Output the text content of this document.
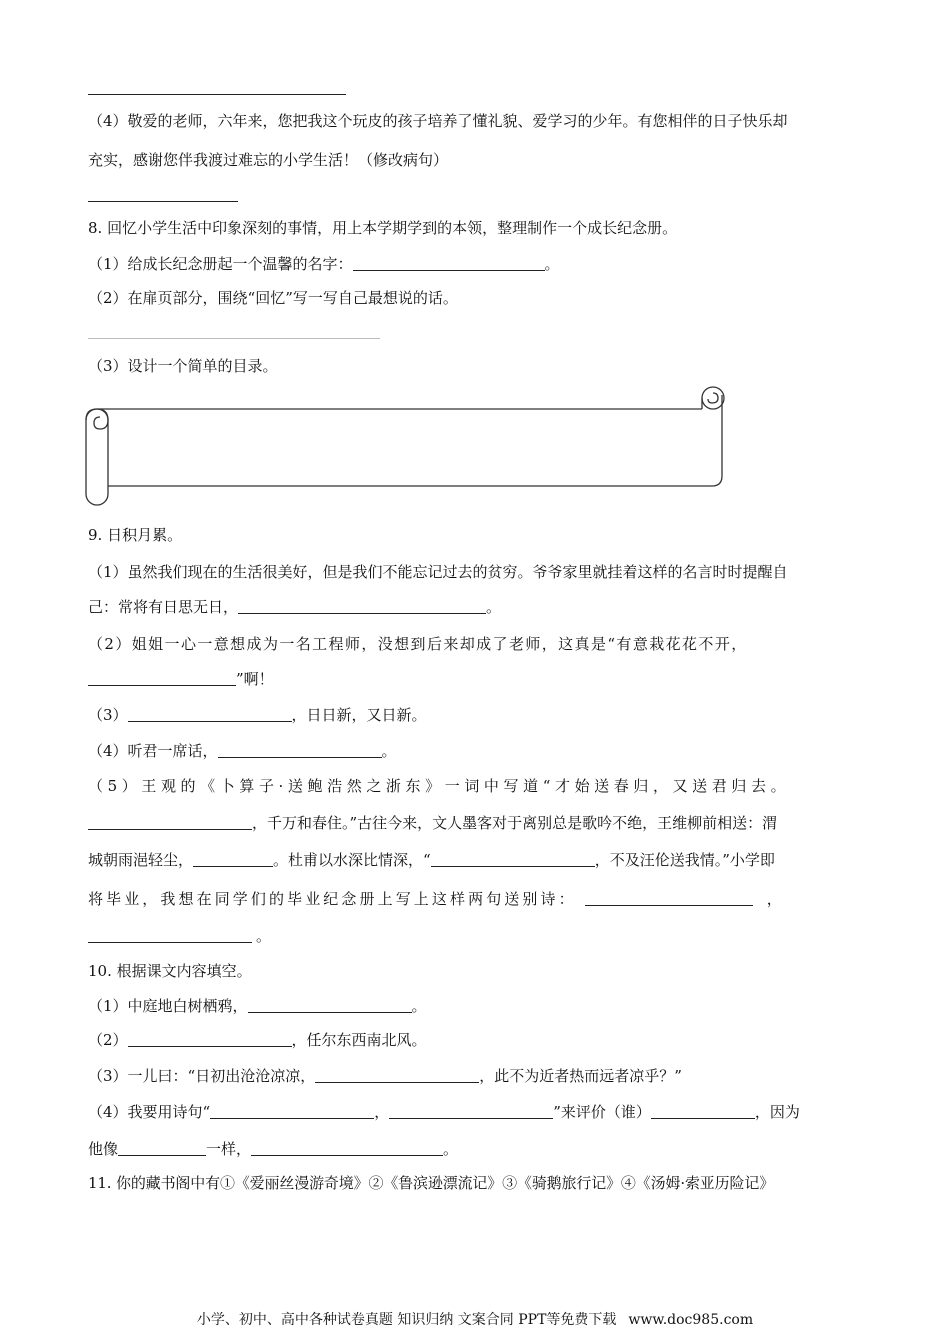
（4）敬爱的老师，六年来，您把我这个玩皮的孩子培养了懂礼貌、爱学习的少年。有您相伴的日子快乐却
充实，感谢您伴我渡过难忘的小学生活！（修改病句）
8. 回忆小学生活中印象深刻的事情，用上本学期学到的本领，整理制作一个成长纪念册。
（1）给成长纪念册起一个温馨的名字：	。
（2）在扉页部分，围绕“回忆”写一写自己最想说的话。
（3）设计一个简单的目录。
9. 日积月累。
（1）虽然我们现在的生活很美好，但是我们不能忘记过去的贫穷。爷爷家里就挂着这样的名言时时提醒自
己：常将有日思无日，	。
（2）姐姐一心一意想成为一名工程师，没想到后来却成了老师，这真是“有意栽花花不开，
”啊！
（3）	，日日新，又日新。
（4）听君一席话，	。
（5）王观的《卜算子·送鲍浩然之浙东》一词中写道“才始送春归，又送君归去。
，千万和春住。”古往今来，文人墨客对于离别总是歌吟不绝，王维柳前相送：渭
城朝雨浥轻尘，	。杜甫以水深比情深，“	，不及汪伦送我情。”小学即
将毕业，我想在同学们的毕业纪念册上写上这样两句送别诗：	，
。
10. 根据课文内容填空。
（1）中庭地白树栖鸦，	。
（2）	，任尔东西南北风。
（3）一儿曰：“日初出沧沧凉凉，	，此不为近者热而远者凉乎？”
（4）我要用诗句“	，	”来评价（谁）	，因为
他像	一样，	。
11. 你的藏书阁中有①《爱丽丝漫游奇境》②《鲁滨逊漂流记》③《骑鹅旅行记》④《汤姆·索亚历险记》
小学、初中、高中各种试卷真题 知识归纳 文案合同 PPT等免费下载 www.doc985.com
